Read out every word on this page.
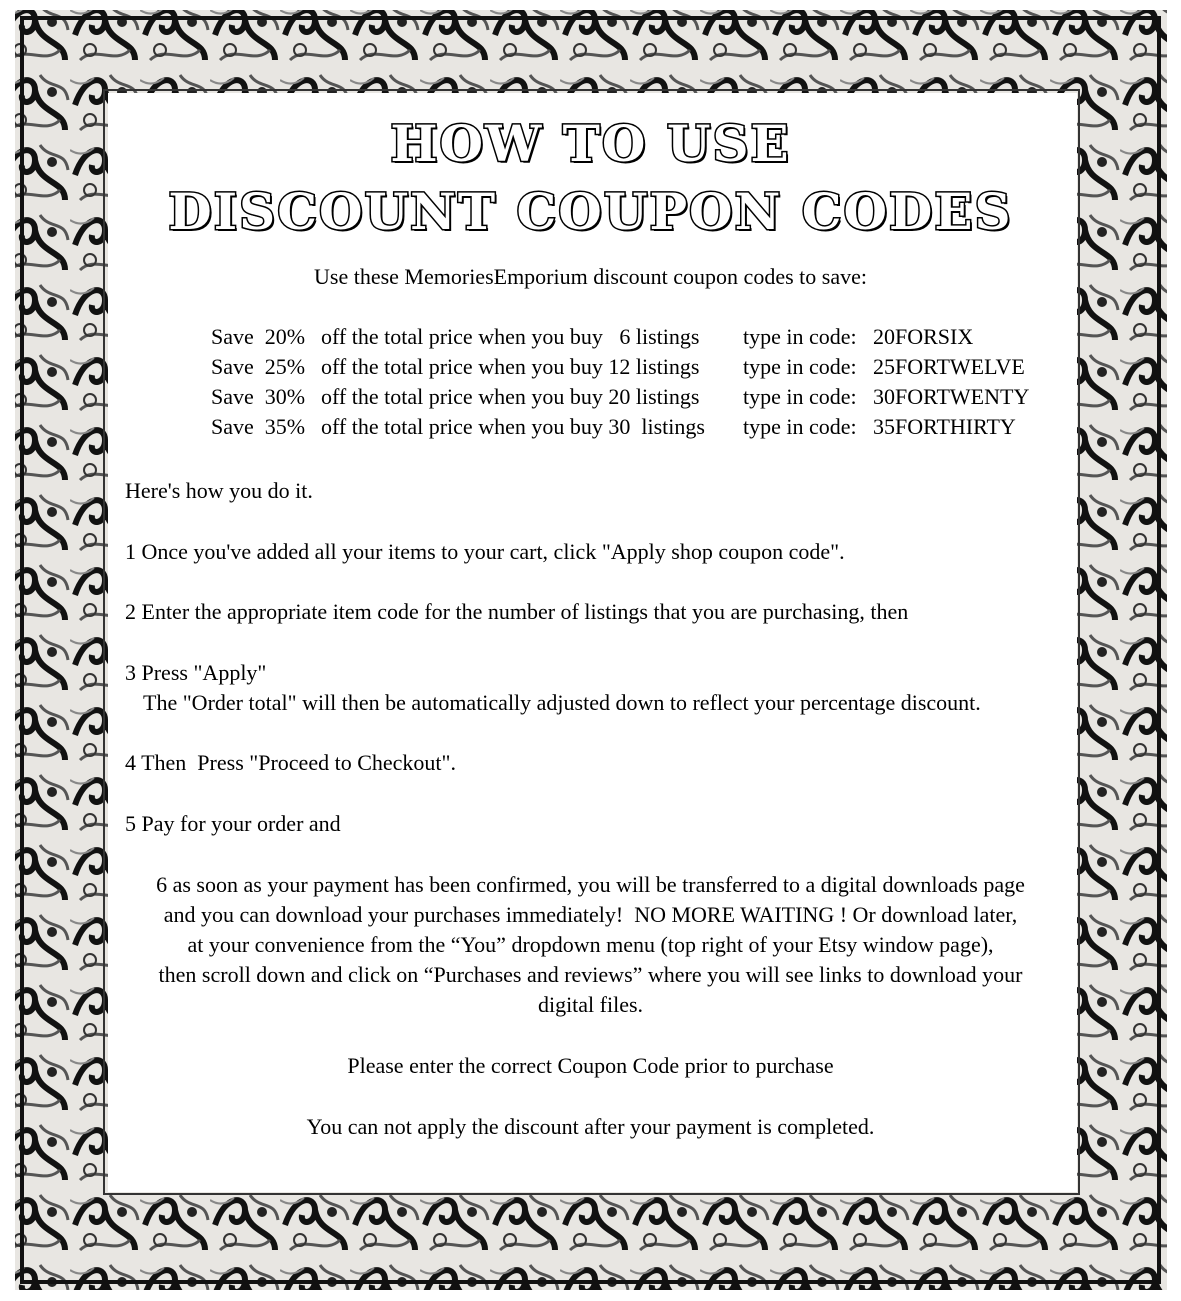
HOW TO USE
DISCOUNT COUPON CODES
Use these MemoriesEmporium discount coupon codes to save:
Save  20% off the total price when you buy   6 listings	type in code: 20FORSIX
Save  25% off the total price when you buy 12 listings	type in code: 25FORTWELVE
Save  30% off the total price when you buy 20 listings	type in code: 30FORTWENTY
Save  35% off the total price when you buy 30  listings	type in code: 35FORTHIRTY
Here's how you do it.
1 Once you've added all your items to your cart, click "Apply shop coupon code".
2 Enter the appropriate item code for the number of listings that you are purchasing, then
3 Press "Apply"
The "Order total" will then be automatically adjusted down to reflect your percentage discount.
4 Then  Press "Proceed to Checkout".
5 Pay for your order and
6 as soon as your payment has been confirmed, you will be transferred to a digital downloads page
and you can download your purchases immediately!  NO MORE WAITING ! Or download later,
at your convenience from the “You” dropdown menu (top right of your Etsy window page),
then scroll down and click on “Purchases and reviews” where you will see links to download your
digital files.
Please enter the correct Coupon Code prior to purchase
You can not apply the discount after your payment is completed.
